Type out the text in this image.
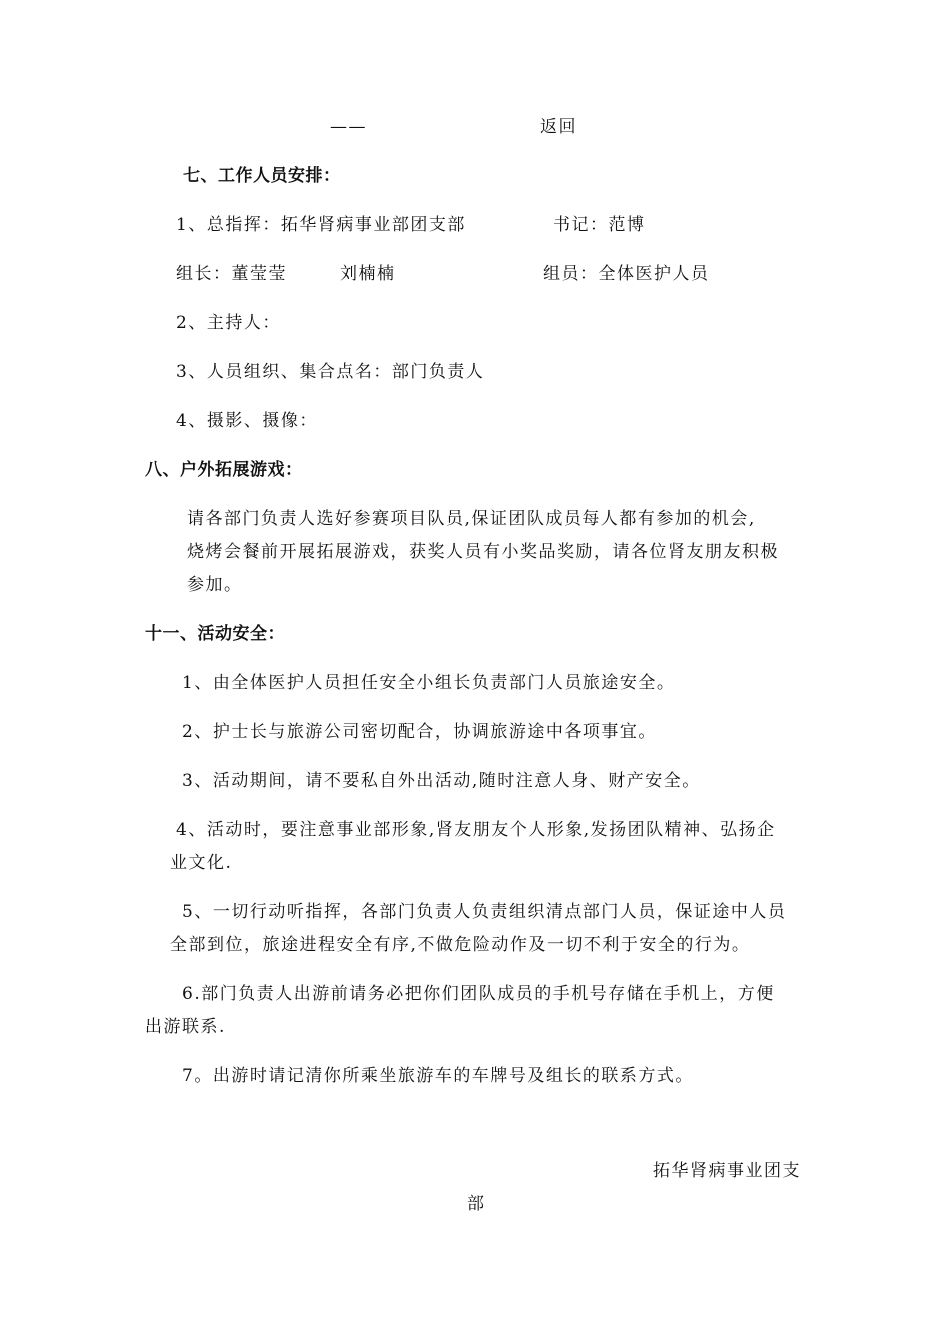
——	返回
七、工作人员安排：
1、总指挥：拓华肾病事业部团支部	书记：范博
组长：董莹莹	刘楠楠	组员：全体医护人员
2、主持人：
3、人员组织、集合点名：部门负责人
4、摄影、摄像：
八、户外拓展游戏：
请各部门负责人选好参赛项目队员,保证团队成员每人都有参加的机会,
烧烤会餐前开展拓展游戏，获奖人员有小奖品奖励，请各位肾友朋友积极
参加。
十一、活动安全：
1、由全体医护人员担任安全小组长负责部门人员旅途安全。
2、护士长与旅游公司密切配合，协调旅游途中各项事宜。
3、活动期间，请不要私自外出活动,随时注意人身、财产安全。
4、活动时，要注意事业部形象,肾友朋友个人形象,发扬团队精神、弘扬企
业文化.
5、一切行动听指挥，各部门负责人负责组织清点部门人员，保证途中人员
全部到位，旅途进程安全有序,不做危险动作及一切不利于安全的行为。
6.部门负责人出游前请务必把你们团队成员的手机号存储在手机上，方便
出游联系.
7。出游时请记清你所乘坐旅游车的车牌号及组长的联系方式。
拓华肾病事业团支
部
